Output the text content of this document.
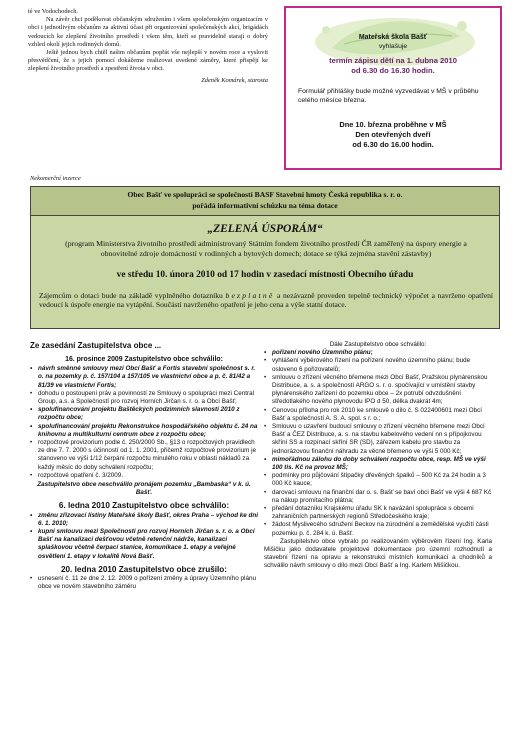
té ve Vodochodech.

Na závěr chci poděkovat občanským sdružením i všem společenským organizacím v obci i jednotlivým občanům za aktivní účast při organizování společenských akcí, brigádách vedoucích ke zlepšení životního prostředí i všem těm, kteří se pravidelně starají o dobrý vzhled okolí jejich rodinných domů.

Ještě jednou bych chtěl našim občanům popřát vše nejlepší v novém roce a vyslovit přesvědčení, že s jejich pomocí dokážeme realizovat uvedené záměry, které přispějí ke zlepšení životního prostředí a zpestření života v obci.

Zdeněk Komárek, starosta

Mateřská škola Bašť
vyhlašuje
termín zápisu dětí na 1. dubna 2010
od 6.30 do 16.30 hodin.
Formulář přihlášky bude možné vyzvedávat v MŠ v průběhu celého měsíce března.
Dne 10. března proběhne v MŠ
Den otevřených dveří
od 6.30 do 16.00 hodin.
Nekomerční inzerce
Obec Bašť ve spolupráci se společností BASF Stavební hmoty Česká republika s. r. o.
pořádá informativní schůzku na téma dotace
„ZELENÁ ÚSPORÁM“
(program Ministerstva životního prostředí administrovaný Státním fondem životního prostředí ČR zaměřený na úspory energie a obnovitelné zdroje domácností v rodinných a bytových domech; dotace se týká zejména stavění zástavby)
ve středu 10. února 2010 od 17 hodin v zasedací místnosti Obecního úřadu
Zájemcům o dotaci bude na základě vyplněného dotazníku bezplatně a nezávazně proveden tepelně technický výpočet a navrženo opatření vedoucí k úspoře energie na vytápění. Součástí navrženého opatření je jeho cena a výše statní dotace.
Ze zasedání Zastupitelstva obce ...
16. prosince 2009 Zastupitelstvo obce schválilo:
• návrh směnné smlouvy mezi Obcí Bašť a Fortis stavební společnost s. r. o. na pozemky p. č. 157/104 a 157/105 ve vlastnictví obce a p. č. 81/42 a 81/39 ve vlastnictví Fortis;
• dohodu o postoupení práv a povinností ze Smlouvy o spolupráci mezi Central Group, a.s. a Společností pro rozvoj Horních Jirčan s. r. o. a Obcí Bašť;
• spolufinancování projektu Baštěckých podzimních slavností 2010 z rozpočtu obce;
• spolufinancování projektu Rekonstrukce hospodářského objektu č. 24 na knihovnu a multikulturní centrum obce z rozpočtu obce;
• rozpočtové provizorium podle č. 250/2000 Sb., §13 o rozpočtových pravidlech ze dne 7. 7. 2000 s účinností od 1. 1. 2001, přičemž rozpočtové provizorium je stanoveno ve výši 1/12 čerpání rozpočtu minulého roku v oblasti nákladů za každý měsíc do doby schválení rozpočtu;
• rozpočtové opatření č. 3/2009.
Zastupitelstvo obce neschválilo pronájem pozemku „Bambaska“ v k. ú. Bašť.
6. ledna 2010 Zastupitelstvo obce schválilo:
• změnu zřizovací listiny Mateřské školy Bašť, okres Praha – východ ke dni 6. 1. 2010;
• kupní smlouvu mezi Společností pro rozvoj Horních Jirčan s. r. o. a Obcí Bašť na kanalizaci dešťovou včetně retenční nádrže, kanalizaci splaškovou včetně čerpací stanice, komunikace 1. etapy a veřejné osvětlení 1. etapy v lokalitě Nová Bašť.
20. ledna 2010 Zastupitelstvo obce zrušilo:
• usnesení č. 11 ze dne 2. 12. 2009 o pořízení změny a úpravy Územního plánu obce ve novém stavebního záměru
Dále Zastupitelstvo obce schválilo:
• pořízení nového Územního plánu;
• vyhlášení výběrového řízení na pořízení nového územního plánu; bude osloveno 6 pořizovatelů;
• smlouvu o zřízení věcného břemene mezi Obcí Bašť, Pražskou plynárenskou Distribuce, a. s. a společností ARGO s. r. o. spočívající v umístění stavby plynárenského zařízení do pozemku obce – 2x potrubí odvzdušnění středotlakého nového plynovodu IPO d 50, délka dvakrát 4m;
• Cenovou příloha pro rok 2010 ke smlouvě o dílo č. S 022400601 mezi Obcí Bašť a společností A. S. A. spol. s r. o.;
• Smlouvu o uzavření budoucí smlouvy o zřízení věcného břemene mezi Obcí Bašť a ČEZ Distribuce, a. s. na stavbu kabelového vedení nn s přípojkovou skříní SS a rozpínací skříní SR (SD), zářezem kabelu pro stavbu za jednorázovou finanční náhradu za věcné břemeno ve výši 5 000 Kč;
• mimořádnou zálohu do doby schválení rozpočtu obce, resp. MŠ ve výši 100 tis. Kč na provoz MŠ;
• podmínky pro půjčování štípačky dřevěných špalků – 500 Kč za 24 hodin a 3 000 Kč kauce;
• darovací smlouvu na finanční dar o. s. Bašť se baví obci Bašť ve výši 4 687 Kč na nákup promítacího plátna;
• předání dotazníku Krajskému úřadu SK k navázání spolupráce s obcemi zahraničních partnerských regionů Středočeského kraje;
• žádost Myslivecého sdružení Beckov na zúrodnění a zemědělské využití části pozemku p. č. 284 k. ú. Bašť.
Zastupitelstvo obce vybralo po realizovaném výběrovém řízení Ing. Karla Mišičku jako dodavatele projektové dokumentace pro územní rozhodnutí a stavební řízení na opravu a rekonstrukci místních komunikací a chodníků a schválilo návrh smlouvy o dílo mezi Obcí Bašť a Ing. Karlem Mišičkou.
